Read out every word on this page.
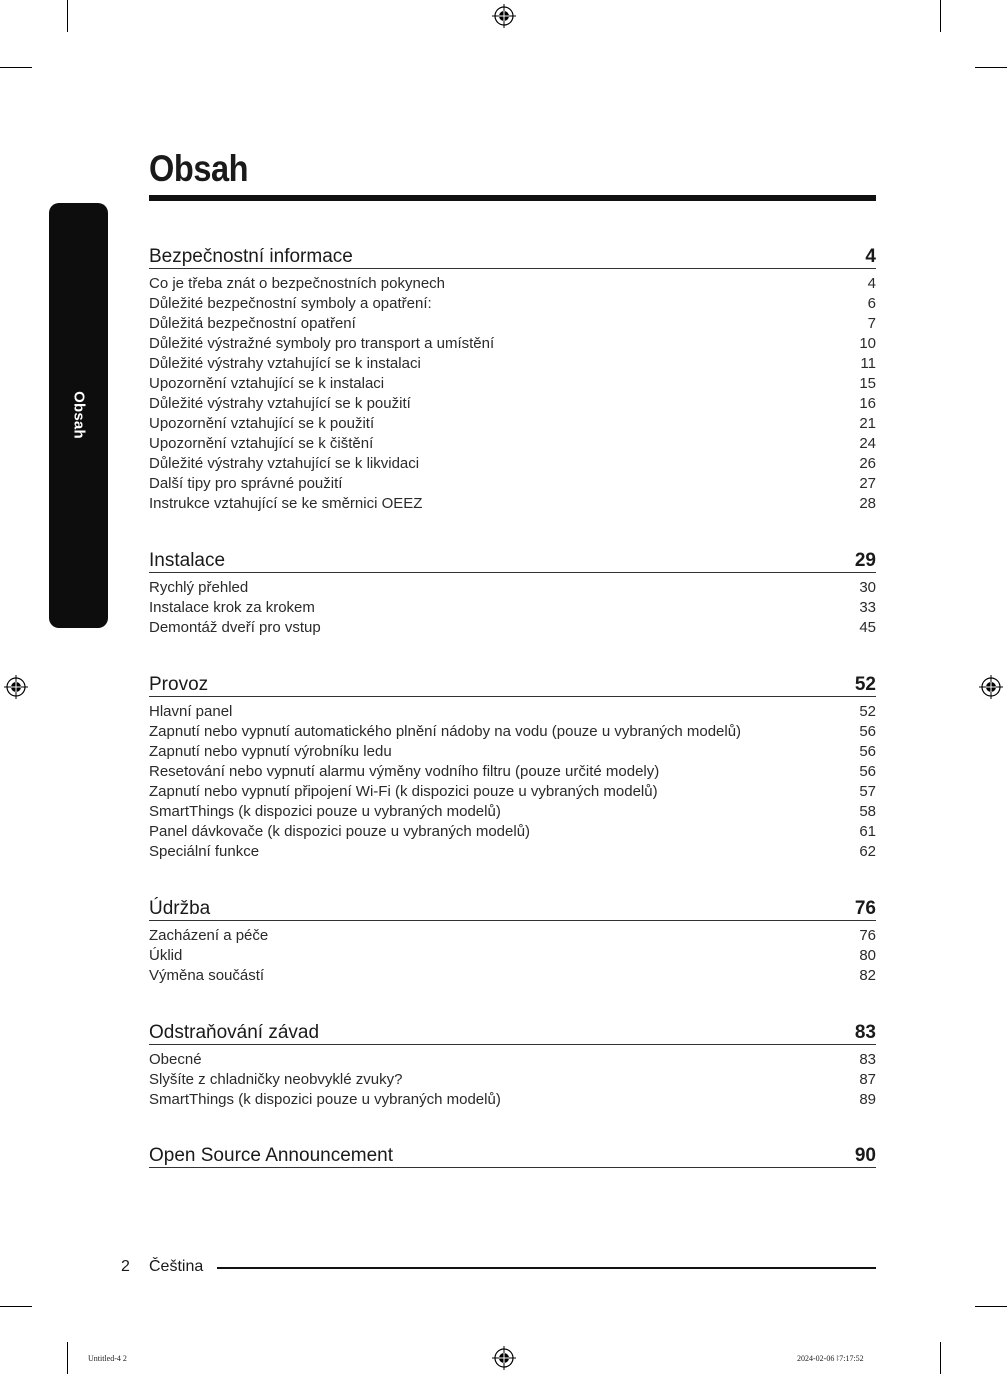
Obsah
Obsah
Bezpečnostní informace	4
Co je třeba znát o bezpečnostních pokynech	4
Důležité bezpečnostní symboly a opatření:	6
Důležitá bezpečnostní opatření	7
Důležité výstražné symboly pro transport a umístění	10
Důležité výstrahy vztahující se k instalaci	11
Upozornění vztahující se k instalaci	15
Důležité výstrahy vztahující se k použití	16
Upozornění vztahující se k použití	21
Upozornění vztahující se k čištění	24
Důležité výstrahy vztahující se k likvidaci	26
Další tipy pro správné použití	27
Instrukce vztahující se ke směrnici OEEZ	28
Instalace	29
Rychlý přehled	30
Instalace krok za krokem	33
Demontáž dveří pro vstup	45
Provoz	52
Hlavní panel	52
Zapnutí nebo vypnutí automatického plnění nádoby na vodu (pouze u vybraných modelů)	56
Zapnutí nebo vypnutí výrobníku ledu	56
Resetování nebo vypnutí alarmu výměny vodního filtru (pouze určité modely)	56
Zapnutí nebo vypnutí připojení Wi-Fi (k dispozici pouze u vybraných modelů)	57
SmartThings (k dispozici pouze u vybraných modelů)	58
Panel dávkovače (k dispozici pouze u vybraných modelů)	61
Speciální funkce	62
Údržba	76
Zacházení a péče	76
Úklid	80
Výměna součástí	82
Odstraňování závad	83
Obecné	83
Slyšíte z chladničky neobvyklé zvuky?	87
SmartThings (k dispozici pouze u vybraných modelů)	89
Open Source Announcement	90
2 Čeština
Untitled-4 2	2024-02-06 ꖎ7:17:52
